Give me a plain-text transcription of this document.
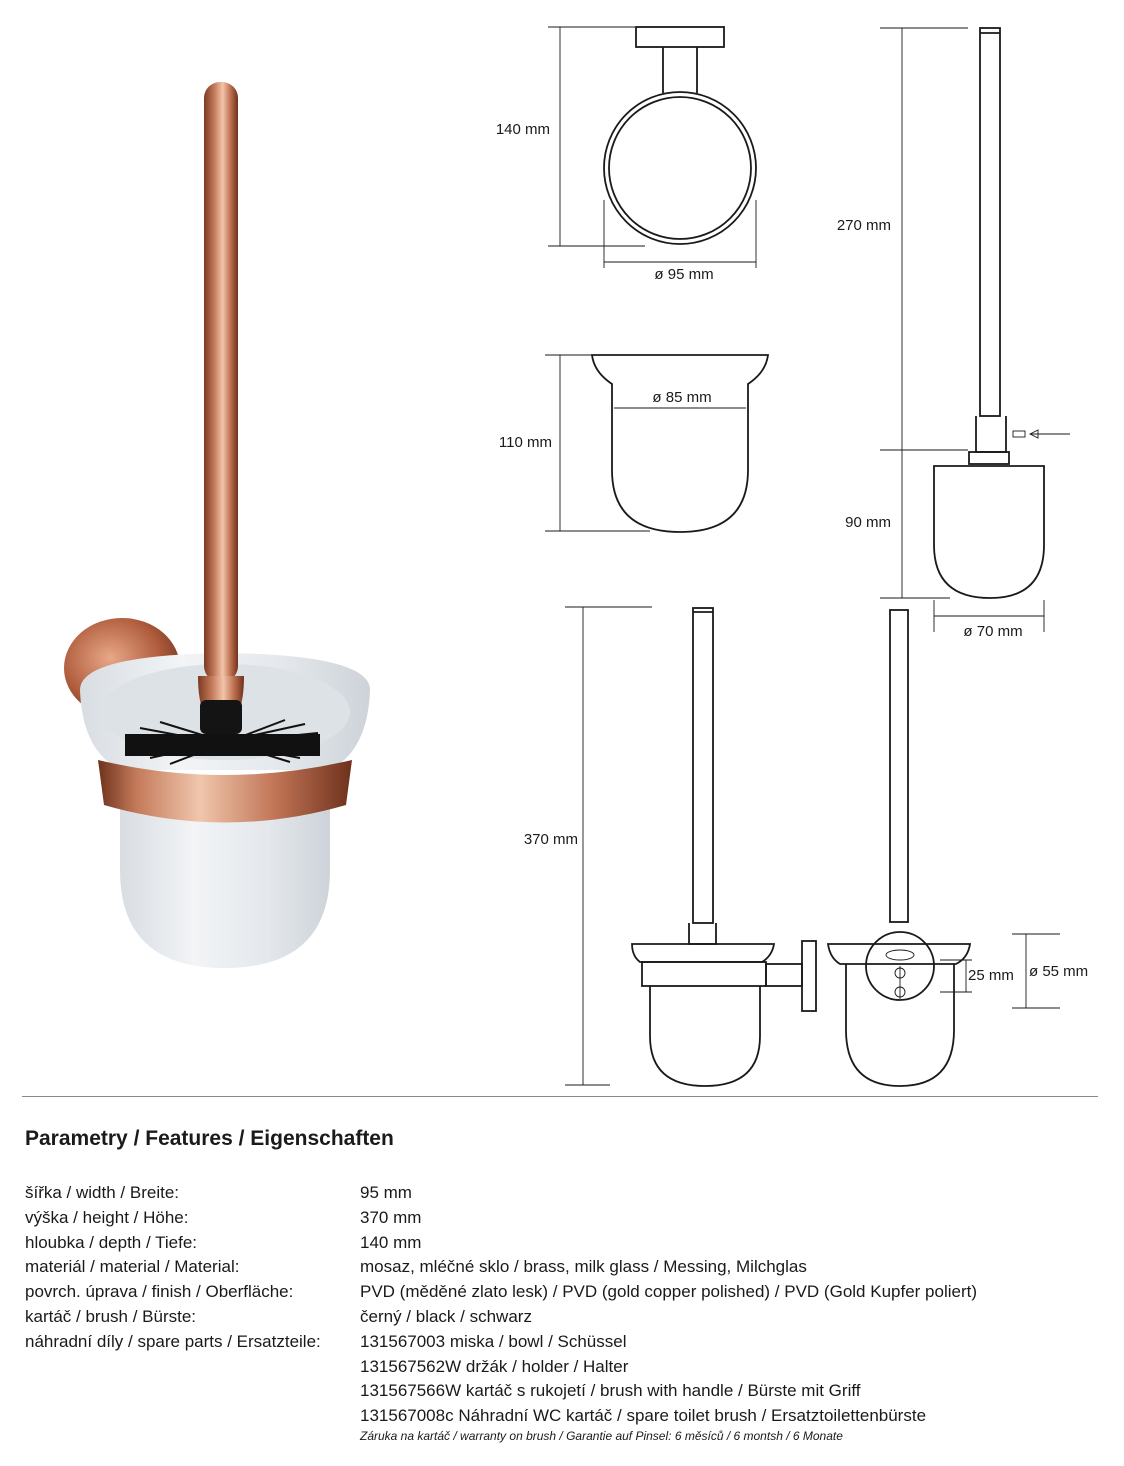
140 mm
ø 95 mm
ø 85 mm
110 mm
270 mm
90 mm
ø 70 mm
370 mm
25 mm ø 55 mm
Parametry / Features / Eigenschaften
šířka / width / Breite:	95 mm
výška / height / Höhe:	370 mm
hloubka / depth / Tiefe:	140 mm
materiál / material / Material:	mosaz, mléčné sklo / brass, milk glass / Messing, Milchglas
povrch. úprava / finish / Oberfläche:	PVD (měděné zlato lesk) / PVD (gold copper polished) / PVD (Gold Kupfer poliert)
kartáč / brush / Bürste:	černý / black / schwarz
náhradní díly / spare parts / Ersatzteile:	131567003 miska / bowl / Schüssel
131567562W držák / holder / Halter
131567566W kartáč s rukojetí / brush with handle / Bürste mit Griff
131567008c Náhradní WC kartáč / spare toilet brush / Ersatztoilettenbürste
Záruka na kartáč / warranty on brush / Garantie auf Pinsel: 6 měsíců / 6 montsh / 6 Monate
